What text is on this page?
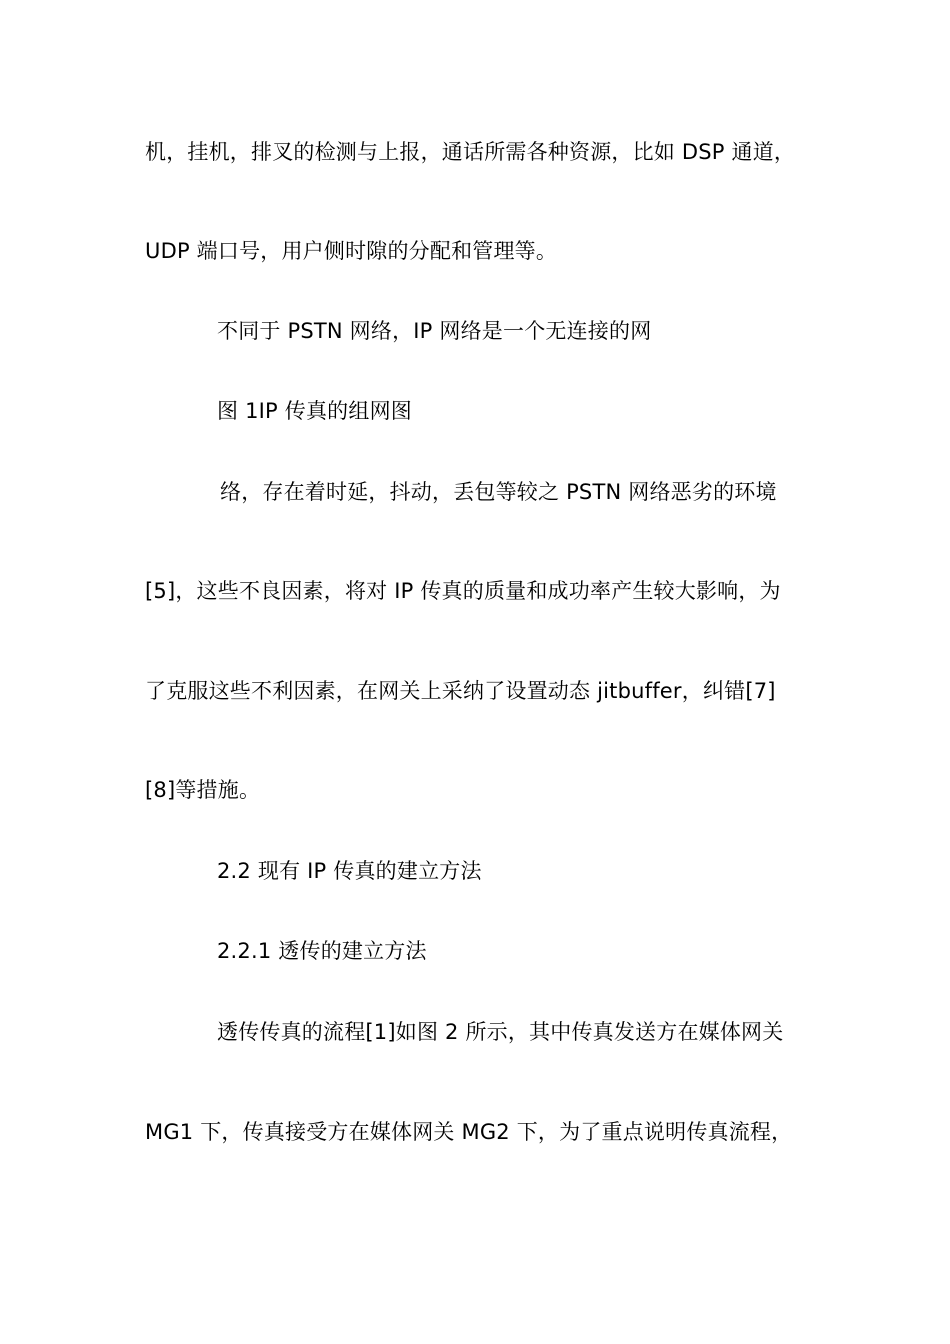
机，挂机，排叉的检测与上报，通话所需各种资源，比如 DSP 通道，
UDP 端口号，用户侧时隙的分配和管理等。
不同于 PSTN 网络，IP 网络是一个无连接的网
图 1IP 传真的组网图
络，存在着时延，抖动，丢包等较之 PSTN 网络恶劣的环境
[5]，这些不良因素，将对 IP 传真的质量和成功率产生较大影响，为
了克服这些不利因素，在网关上采纳了设置动态 jitbuffer，纠错[7]
[8]等措施。
2.2 现有 IP 传真的建立方法
2.2.1 透传的建立方法
透传传真的流程[1]如图 2 所示，其中传真发送方在媒体网关
MG1 下，传真接受方在媒体网关 MG2 下，为了重点说明传真流程，
